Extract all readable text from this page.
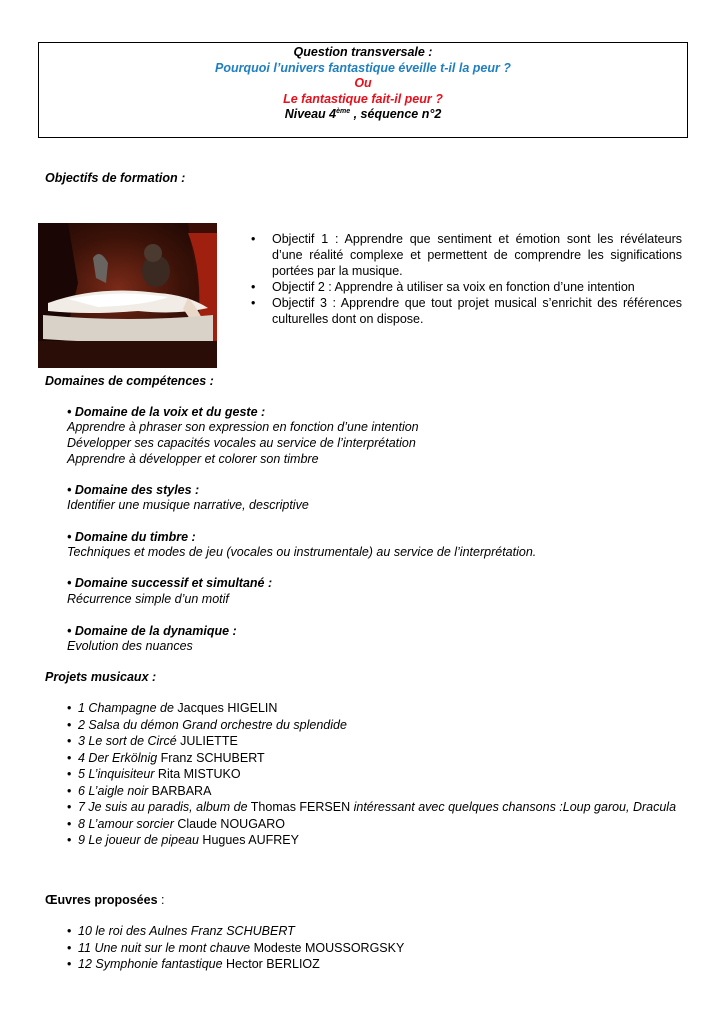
Question transversale :
Pourquoi l’univers fantastique éveille t-il la peur ?
Ou
Le fantastique fait-il peur ?
Niveau 4ème , séquence n°2
Objectifs de formation :
• Objectif 1 : Apprendre que sentiment et émotion sont les révélateurs d’une réalité complexe et permettent de comprendre les significations portées par la musique.
• Objectif 2 : Apprendre à utiliser sa voix en fonction d’une intention
• Objectif 3 : Apprendre que tout projet musical s’enrichit des références culturelles dont on dispose.
Domaines de compétences :
• Domaine de la voix et du geste :
Apprendre à phraser son expression en fonction d’une intention
Développer ses capacités vocales au service de l’interprétation
Apprendre à développer et colorer son timbre
• Domaine des styles :
Identifier une musique narrative, descriptive
• Domaine du timbre :
Techniques et modes de jeu (vocales ou instrumentale) au service de l’interprétation.
• Domaine successif et simultané :
Récurrence simple d’un motif
• Domaine de la dynamique :
Evolution des nuances
Projets musicaux :
• 1 Champagne de Jacques HIGELIN
• 2 Salsa du démon Grand orchestre du splendide
• 3 Le sort de Circé JULIETTE
• 4 Der Erkölnig Franz SCHUBERT
• 5 L’inquisiteur Rita MISTUKO
• 6 L’aigle noir BARBARA
• 7 Je suis au paradis, album de Thomas FERSEN intéressant avec quelques chansons :Loup garou, Dracula
• 8 L’amour sorcier Claude NOUGARO
• 9 Le joueur de pipeau Hugues AUFREY
Œuvres proposées :
• 10 le roi des Aulnes Franz SCHUBERT
• 11 Une nuit sur le mont chauve Modeste MOUSSORGSKY
• 12 Symphonie fantastique Hector BERLIOZ
